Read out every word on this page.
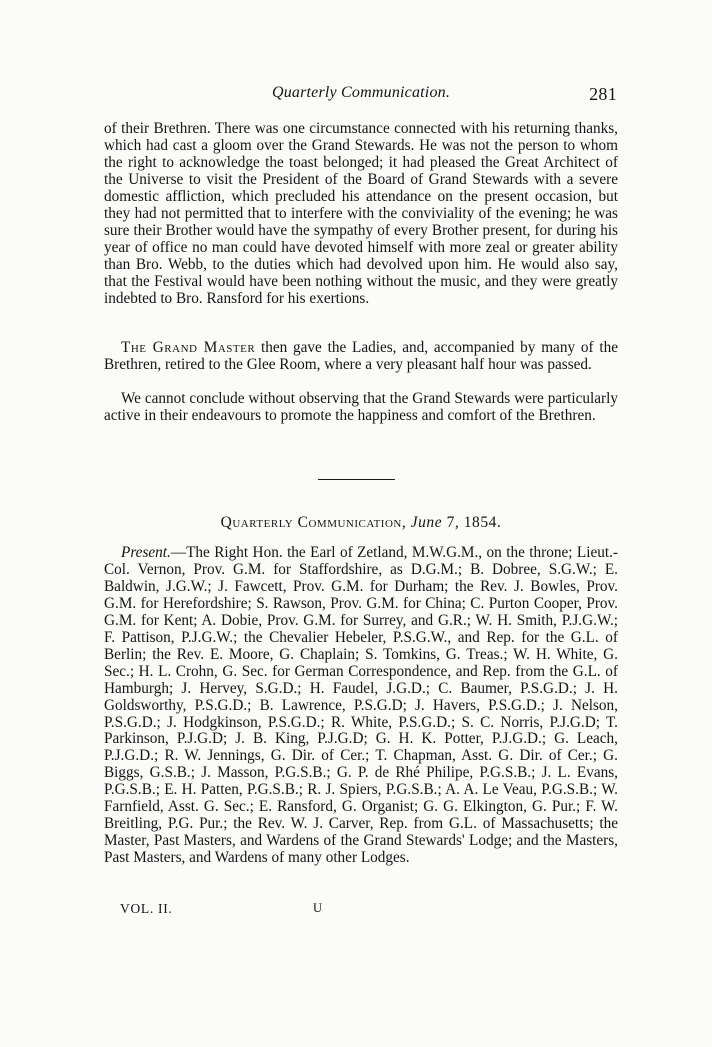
Quarterly Communication.	281

of their Brethren. There was one circumstance connected with his returning thanks, which had cast a gloom over the Grand Stewards. He was not the person to whom the right to acknowledge the toast belonged; it had pleased the Great Architect of the Universe to visit the President of the Board of Grand Stewards with a severe domestic affliction, which precluded his attendance on the present occasion, but they had not permitted that to interfere with the conviviality of the evening; he was sure their Brother would have the sympathy of every Brother present, for during his year of office no man could have devoted himself with more zeal or greater ability than Bro. Webb, to the duties which had devolved upon him. He would also say, that the Festival would have been nothing without the music, and they were greatly indebted to Bro. Ransford for his exertions.

The Grand Master then gave the Ladies, and, accompanied by many of the Brethren, retired to the Glee Room, where a very pleasant half hour was passed.

We cannot conclude without observing that the Grand Stewards were particularly active in their endeavours to promote the happiness and comfort of the Brethren.

Quarterly Communication, June 7, 1854.

Present.—The Right Hon. the Earl of Zetland, M.W.G.M., on the throne; Lieut.-Col. Vernon, Prov. G.M. for Staffordshire, as D.G.M.; B. Dobree, S.G.W.; E. Baldwin, J.G.W.; J. Fawcett, Prov. G.M. for Durham; the Rev. J. Bowles, Prov. G.M. for Herefordshire; S. Rawson, Prov. G.M. for China; C. Purton Cooper, Prov. G.M. for Kent; A. Dobie, Prov. G.M. for Surrey, and G.R.; W. H. Smith, P.J.G.W.; F. Pattison, P.J.G.W.; the Chevalier Hebeler, P.S.G.W., and Rep. for the G.L. of Berlin; the Rev. E. Moore, G. Chaplain; S. Tomkins, G. Treas.; W. H. White, G. Sec.; H. L. Crohn, G. Sec. for German Correspondence, and Rep. from the G.L. of Hamburgh; J. Hervey, S.G.D.; H. Faudel, J.G.D.; C. Baumer, P.S.G.D.; J. H. Goldsworthy, P.S.G.D.; B. Lawrence, P.S.G.D; J. Havers, P.S.G.D.; J. Nelson, P.S.G.D.; J. Hodgkinson, P.S.G.D.; R. White, P.S.G.D.; S. C. Norris, P.J.G.D; T. Parkinson, P.J.G.D; J. B. King, P.J.G.D; G. H. K. Potter, P.J.G.D.; G. Leach, P.J.G.D.; R. W. Jennings, G. Dir. of Cer.; T. Chapman, Asst. G. Dir. of Cer.; G. Biggs, G.S.B.; J. Masson, P.G.S.B.; G. P. de Rhé Philipe, P.G.S.B.; J. L. Evans, P.G.S.B.; E. H. Patten, P.G.S.B.; R. J. Spiers, P.G.S.B.; A. A. Le Veau, P.G.S.B.; W. Farnfield, Asst. G. Sec.; E. Ransford, G. Organist; G. G. Elkington, G. Pur.; F. W. Breitling, P.G. Pur.; the Rev. W. J. Carver, Rep. from G.L. of Massachusetts; the Master, Past Masters, and Wardens of the Grand Stewards' Lodge; and the Masters, Past Masters, and Wardens of many other Lodges.

VOL. II.	U
